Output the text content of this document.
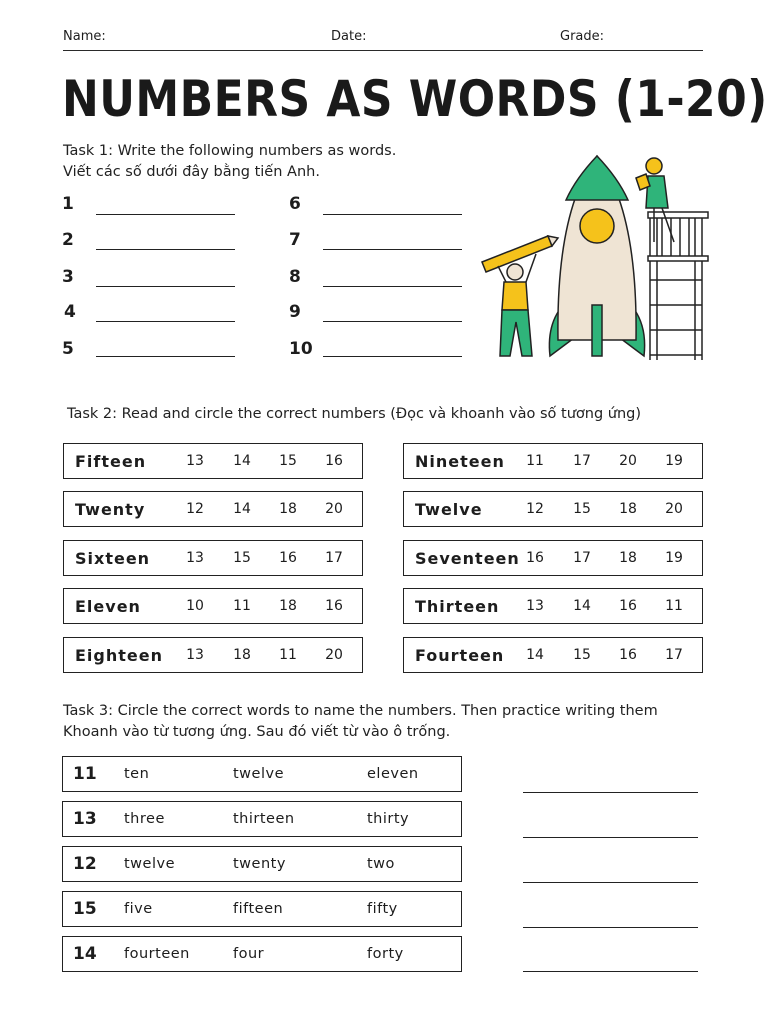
Name:	Date:	Grade:
NUMBERS AS WORDS (1-20)
Task 1: Write the following numbers as words.
Viết các số dưới đây bằng tiến Anh.
1
2
3
4
5
6
7
8
9
10
Task 2: Read and circle the correct numbers (Đọc và khoanh vào số tương ứng)
Fifteen	13	14	15	16
Twenty	12	14	18	20
Sixteen	13	15	16	17
Eleven	10	11	18	16
Eighteen	13	18	11	20
Nineteen	11	17	20	19
Twelve	12	15	18	20
Seventeen 16	17	18	19
Thirteen	13	14	16	11
Fourteen	14	15	16	17
Task 3: Circle the correct words to name the numbers. Then practice writing them
Khoanh vào từ tương ứng. Sau đó viết từ vào ô trống.
11 ten	twelve	eleven
13 three	thirteen	thirty
12 twelve	twenty	two
15 five	fifteen	fifty
14 fourteen	four	forty
